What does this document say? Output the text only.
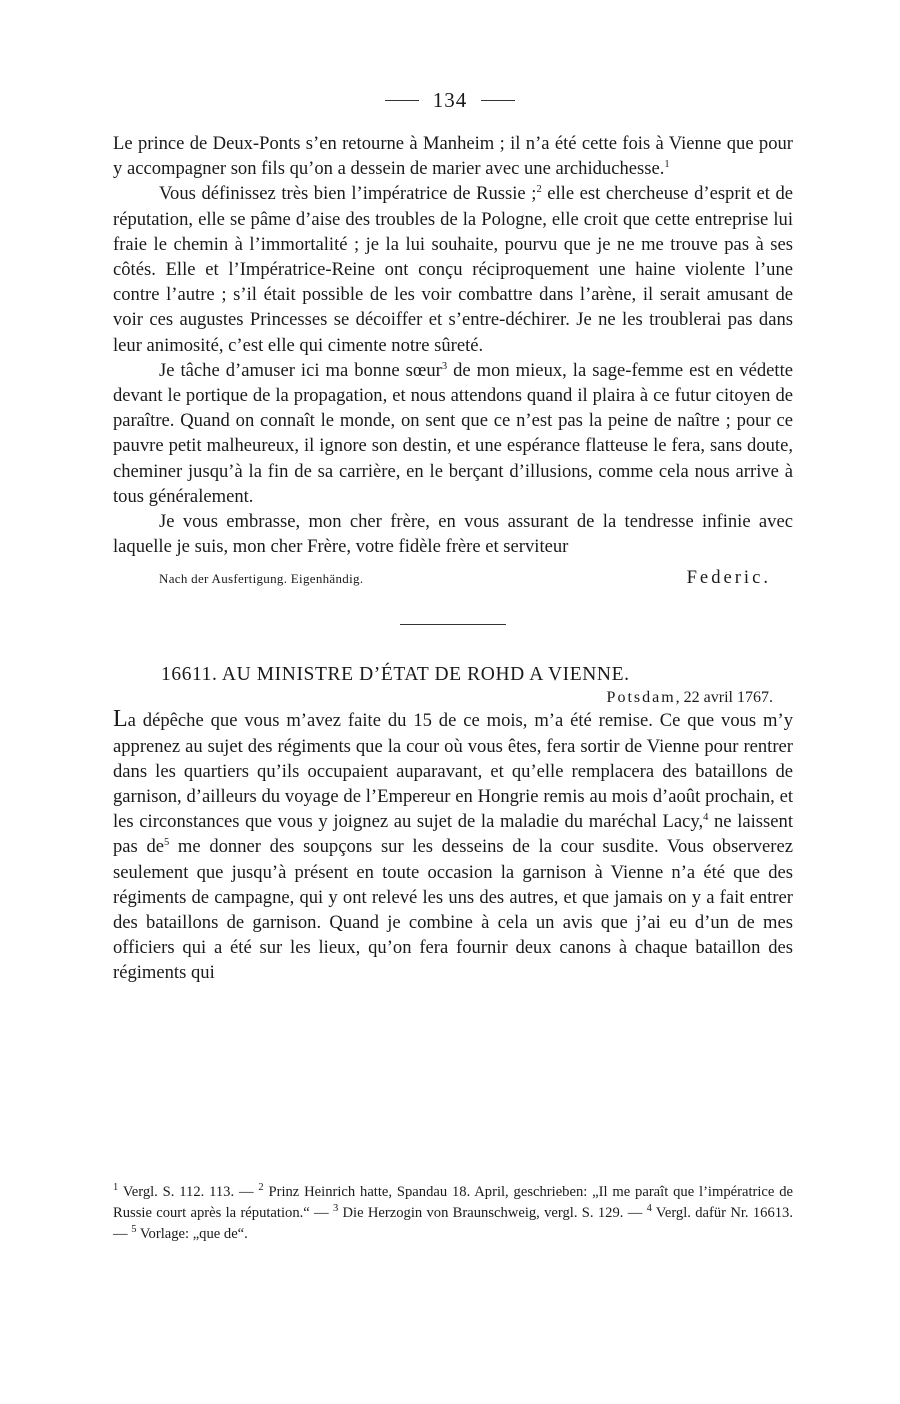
134

Le prince de Deux-Ponts s’en retourne à Manheim ; il n’a été cette fois à Vienne que pour y accompagner son fils qu’on a dessein de marier avec une archiduchesse.$^1$

Vous définissez très bien l’impératrice de Russie ;$^2$ elle est chercheuse d’esprit et de réputation, elle se pâme d’aise des troubles de la Pologne, elle croit que cette entreprise lui fraie le chemin à l’immortalité ; je la lui souhaite, pourvu que je ne me trouve pas à ses côtés. Elle et l’Impératrice-Reine ont conçu réciproquement une haine violente l’une contre l’autre ; s’il était possible de les voir combattre dans l’arène, il serait amusant de voir ces augustes Princesses se décoiffer et s’entre-déchirer. Je ne les troublerai pas dans leur animosité, c’est elle qui cimente notre sûreté.

Je tâche d’amuser ici ma bonne sœur$^3$ de mon mieux, la sage-femme est en védette devant le portique de la propagation, et nous attendons quand il plaira à ce futur citoyen de paraître. Quand on connaît le monde, on sent que ce n’est pas la peine de naître ; pour ce pauvre petit malheureux, il ignore son destin, et une espérance flatteuse le fera, sans doute, cheminer jusqu’à la fin de sa carrière, en le berçant d’illusions, comme cela nous arrive à tous généralement.

Je vous embrasse, mon cher frère, en vous assurant de la tendresse infinie avec laquelle je suis, mon cher Frère, votre fidèle frère et serviteur

Nach der Ausfertigung. Eigenhändig.	Federic.
16611. AU MINISTRE D’ÉTAT DE ROHD A VIENNE.
Potsdam, 22 avril 1767.

La dépêche que vous m’avez faite du 15 de ce mois, m’a été remise. Ce que vous m’y apprenez au sujet des régiments que la cour où vous êtes, fera sortir de Vienne pour rentrer dans les quartiers qu’ils occupaient auparavant, et qu’elle remplacera des bataillons de garnison, d’ailleurs du voyage de l’Empereur en Hongrie remis au mois d’août prochain, et les circonstances que vous y joignez au sujet de la maladie du maréchal Lacy,$^4$ ne laissent pas $de^5$ me donner des soupçons sur les desseins de la cour susdite. Vous observerez seulement que jusqu’à présent en toute occasion la garnison à Vienne n’a été que des régiments de campagne, qui y ont relevé les uns des autres, et que jamais on y a fait entrer des bataillons de garnison. Quand je combine à cela un avis que j’ai eu d’un de mes officiers qui a été sur les lieux, qu’on fera fournir deux canons à chaque bataillon des régiments qui

$^1$ Vergl. S. 112. 113. — $^2$ Prinz Heinrich hatte, Spandau 18. April, geschrieben: „Il me paraît que l’impératrice de Russie court après la réputation.“ — $^3$ Die Herzogin von Braunschweig, vergl. S. 129. — $^4$ Vergl. dafür Nr. 16613. — $^5$ Vorlage: „que de“.
